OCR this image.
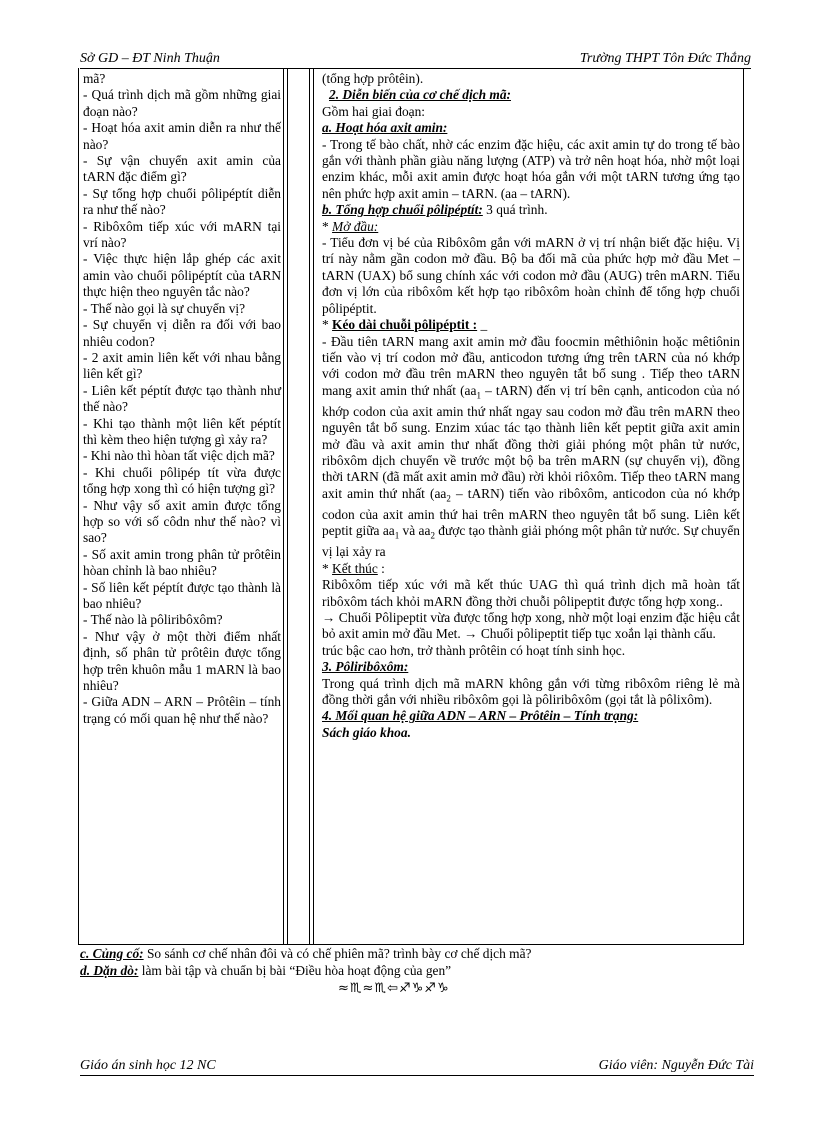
Sở GD – ĐT Ninh Thuận	Trường THPT Tôn Đức Thắng

mã?

- Quá trình dịch mã gồm những giai đoạn nào?

- Hoạt hóa axit amin diễn ra như thế nào?

- Sự vận chuyển axit amin của tARN đặc điểm gì?

- Sự tổng hợp chuổi pôlipéptít diễn ra như thế nào?

- Ribôxôm tiếp xúc với mARN tại vrí nào?

- Việc thực hiện lắp ghép các axit amin vào chuổi pôlipéptít của tARN thực hiện theo nguyên tắc nào?

- Thế nào gọi là sự chuyển vị?

- Sự chuyển vị diễn ra đối với bao nhiêu codon?

- 2 axit amin liên kết với nhau bằng liên kết gì?

- Liên kết péptít được tạo thành như thế nào?

- Khi tạo thành một liên kết péptít thì kèm theo hiện tượng gì xảy ra?

- Khi nào thì hòan tất việc dịch mã?

- Khi chuổi pôlipép tít vừa được tổng hợp xong thì có hiện tượng gì?

- Như vậy số axit amin được tổng hợp so với số côdn như thế nào? vì sao?

- Số axit amin trong phân tử prôtêin hòan chỉnh là bao nhiêu?

- Số liên kết péptít được tạo thành là bao nhiêu?

- Thế nào là pôliribôxôm?

- Như vậy ở một thời điểm nhất định, số phân tử prôtêin được tổng hợp trên khuôn mẫu 1 mARN là bao nhiêu?

- Giữa ADN – ARN – Prôtêin – tính trạng có mối quan hệ như thế nào?

(tổng hợp prôtêin).

2. Diễn biến của cơ chế dịch mã:

Gồm hai giai đoạn:

a. Hoạt hóa axit amin:

- Trong tế bào chất, nhờ các enzim đặc hiệu, các axit amin tự do trong tế bào gắn với thành phần giàu năng lượng (ATP) và trở nên hoạt hóa, nhờ một loại enzim khác, mỗi axit amin được hoạt hóa gắn với một tARN tương ứng tạo nên phức hợp axit amin – tARN. (aa – tARN).

b. Tổng hợp chuổi pôlipéptít: 3 quá trình.

* Mở đầu:

- Tiểu đơn vị bé của Ribôxôm gắn với mARN ở vị trí nhận biết đặc hiệu. Vị trí này nằm gần codon mở đầu. Bộ ba đối mã của phức hợp mở đầu Met – tARN (UAX) bổ sung chính xác với codon mở đầu (AUG) trên mARN. Tiểu đơn vị lớn của ribôxôm kết hợp tạo ribôxôm hoàn chỉnh để tổng hợp chuổi pôlipéptit.

* Kéo dài chuỗi pôlipéptit : _

- Đầu tiên tARN mang axit amin mở đầu foocmin mêthiônin hoặc mêtiônin tiến vào vị trí codon mở đầu, anticodon tương ứng trên tARN của nó khớp với codon mở đầu trên mARN theo nguyên tắt bổ sung . Tiếp theo tARN mang axit amin thứ nhất ($aa_1$ – tARN) đến vị trí bên cạnh, anticodon của nó khớp codon của axit amin thứ nhất ngay sau codon mở đầu trên mARN theo nguyên tắt bổ sung. Enzim xúac tác tạo thành liên kết peptit giữa axit amin mở đầu và axit amin thư nhất đồng thời giải phóng một phân tử nước, ribôxôm dịch chuyển về trước một bộ ba trên mARN (sự chuyển vị), đồng thời tARN (đã mất axit amin mở đầu) rời khỏi riôxôm. Tiếp theo tARN mang axit amin thứ nhất ($aa_2$ – tARN) tiến vào ribôxôm, anticodon của nó khớp codon của axit amin thứ hai trên mARN theo nguyên tắt bổ sung. Liên kết peptit giữa $aa_1$ và $aa_2$ được tạo thành giải phóng một phân tử nước. Sự chuyển vị lại xảy ra

* Kết thúc :

Ribôxôm tiếp xúc với mã kết thúc UAG thì quá trình dịch mã hoàn tất ribôxôm tách khỏi mARN đồng thời chuỗi pôlipeptit được tổng hợp xong..

→ Chuổi Pôlipeptit vừa được tổng hợp xong, nhờ một loại enzim đặc hiệu cắt bỏ axit amin mở đầu Met. → Chuổi pôlipeptit tiếp tục xoắn lại thành cấu.

trúc bậc cao hơn, trở thành prôtêin có hoạt tính sinh học.

3. Pôliribôxôm:

Trong quá trình dịch mã mARN không gắn với từng ribôxôm riêng lẻ mà đồng thời gắn với nhiều ribôxôm gọi là pôliribôxôm (gọi tắt là pôlixôm).

4. Mối quan hệ giữa ADN – ARN – Prôtêin – Tính trạng:

Sách giáo khoa.

c. Củng cố: So sánh cơ chế nhân đôi và có chế phiên mã? trình bày cơ chế dịch mã?

d. Dặn dò: làm bài tập và chuẩn bị bài “Điều hòa hoạt động của gen”

≈♏≈♏⇦♐♑♐♑
Giáo án sinh học 12 NC	Giáo viên: Nguyễn Đức Tài
